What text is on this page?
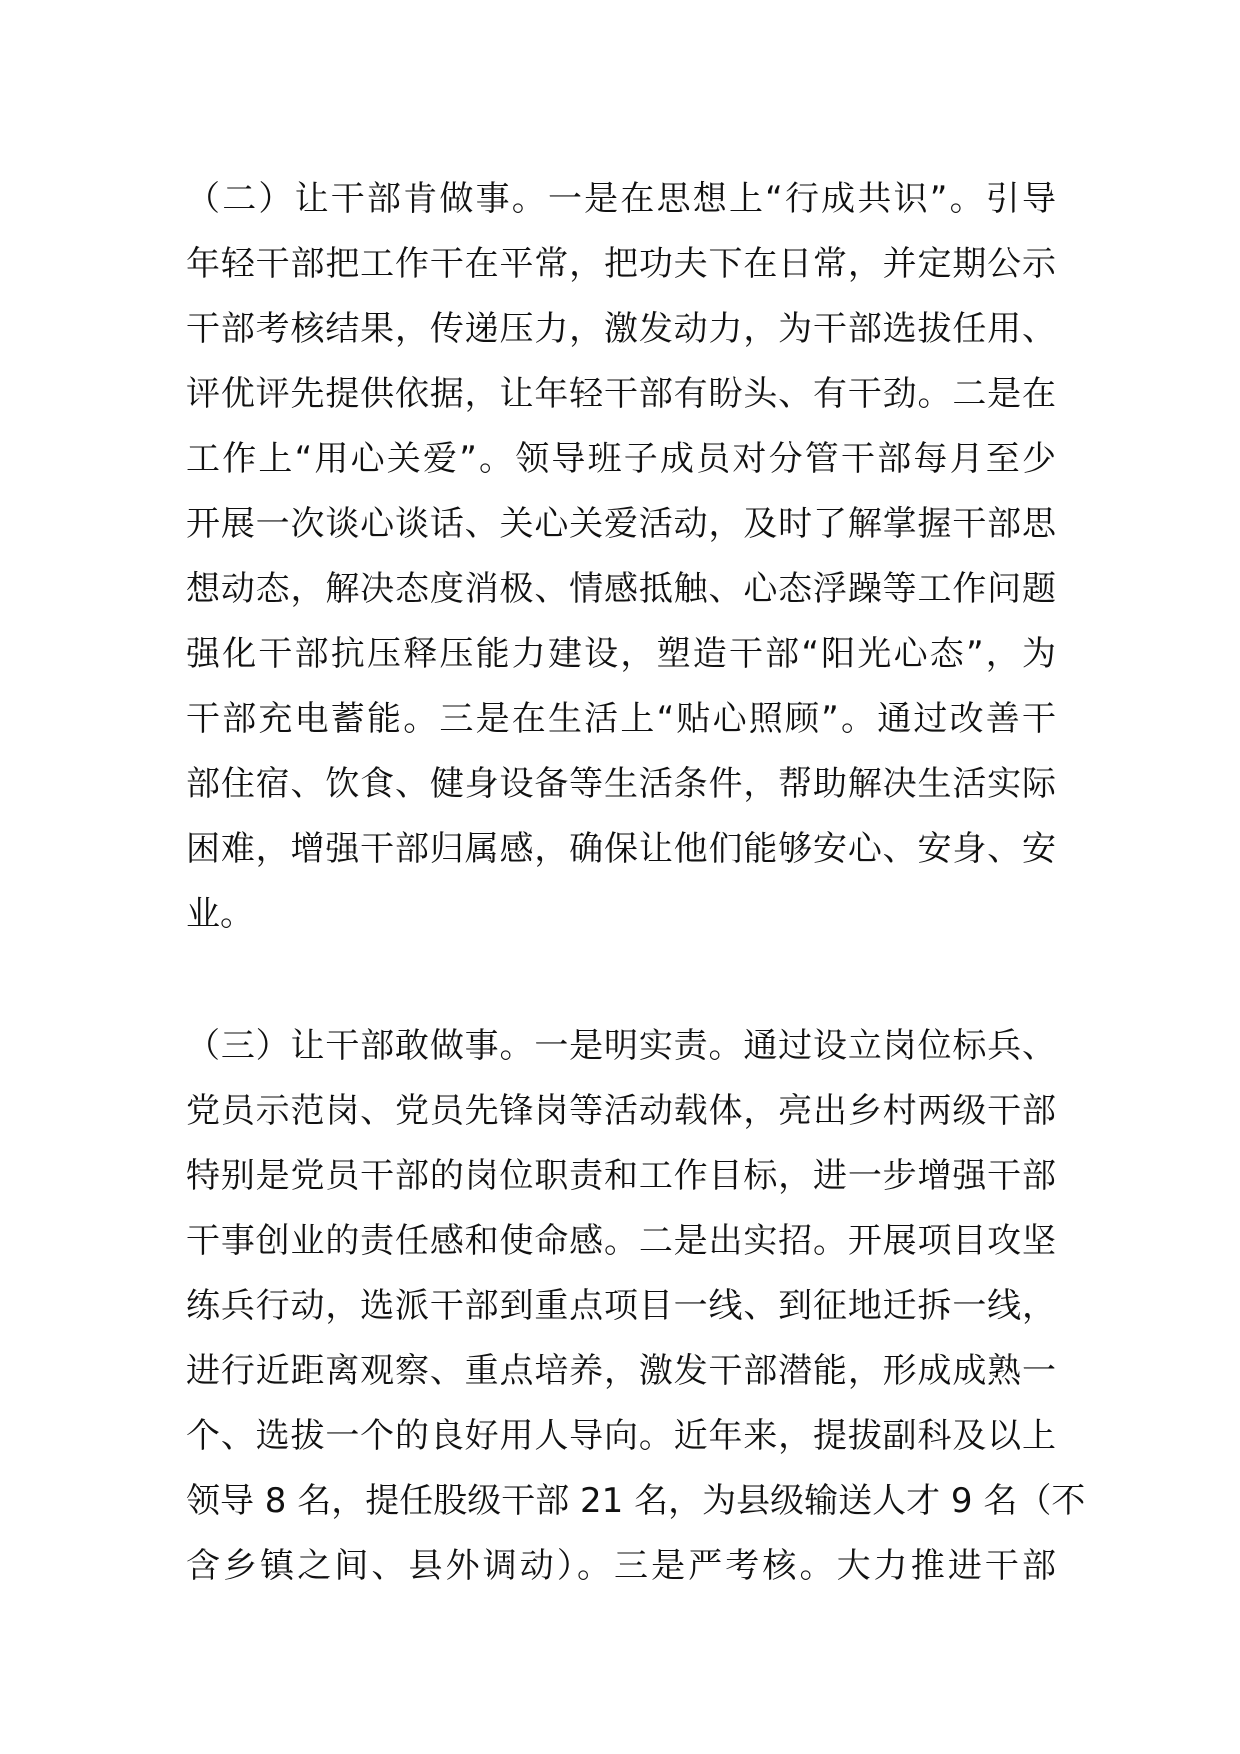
（二）让干部肯做事。一是在思想上“行成共识”。引导
年轻干部把工作干在平常，把功夫下在日常，并定期公示
干部考核结果，传递压力，激发动力，为干部选拔任用、
评优评先提供依据，让年轻干部有盼头、有干劲。二是在
工作上“用心关爱”。领导班子成员对分管干部每月至少
开展一次谈心谈话、关心关爱活动，及时了解掌握干部思
想动态，解决态度消极、情感抵触、心态浮躁等工作问题
强化干部抗压释压能力建设，塑造干部“阳光心态”，为
干部充电蓄能。三是在生活上“贴心照顾”。通过改善干
部住宿、饮食、健身设备等生活条件，帮助解决生活实际
困难，增强干部归属感，确保让他们能够安心、安身、安
业。
（三）让干部敢做事。一是明实责。通过设立岗位标兵、
党员示范岗、党员先锋岗等活动载体，亮出乡村两级干部
特别是党员干部的岗位职责和工作目标，进一步增强干部
干事创业的责任感和使命感。二是出实招。开展项目攻坚
练兵行动，选派干部到重点项目一线、到征地迁拆一线，
进行近距离观察、重点培养，激发干部潜能，形成成熟一
个、选拔一个的良好用人导向。近年来，提拔副科及以上
领导 8 名，提任股级干部 21 名，为县级输送人才 9 名（不
含乡镇之间、县外调动）。三是严考核。大力推进干部
